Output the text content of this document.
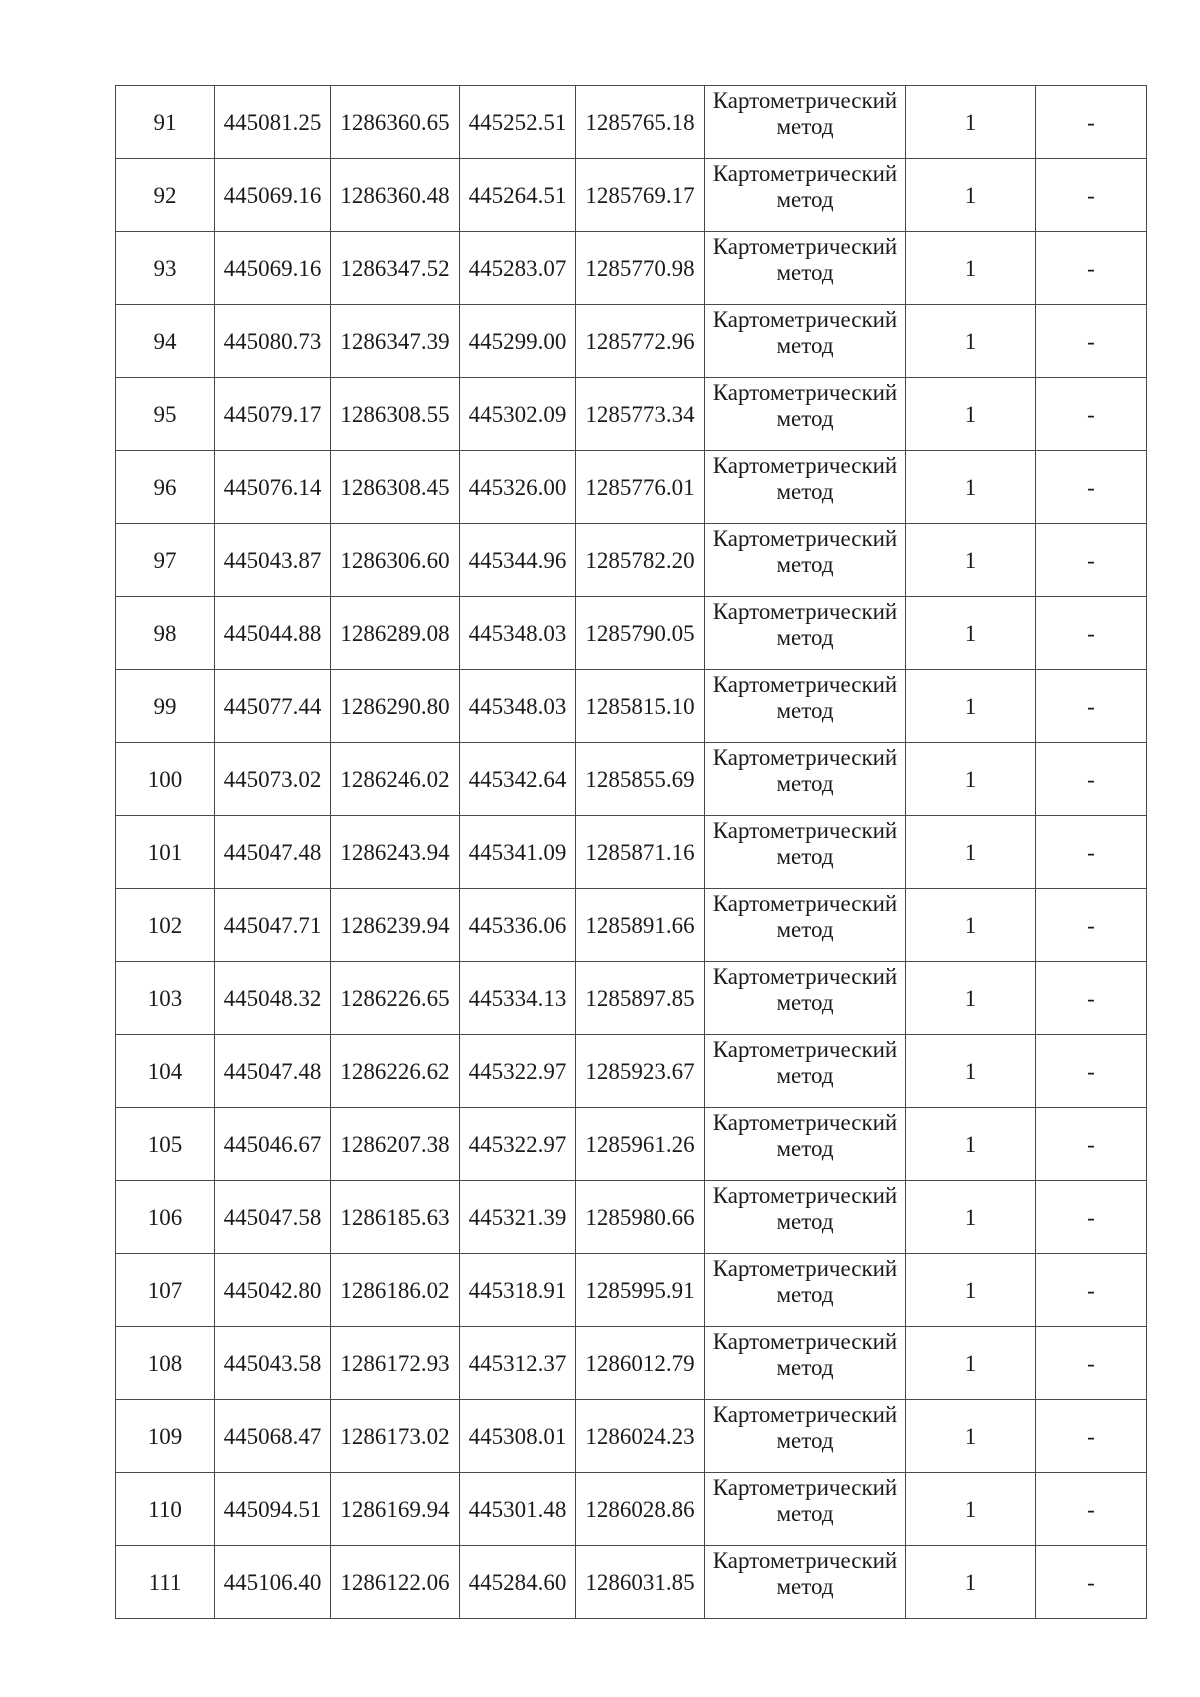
91	445081.25	1286360.65	445252.51	1285765.18	Картометрический
метод	1	-
92	445069.16	1286360.48	445264.51	1285769.17	Картометрический
метод	1	-
93	445069.16	1286347.52	445283.07	1285770.98	Картометрический
метод	1	-
94	445080.73	1286347.39	445299.00	1285772.96	Картометрический
метод	1	-
95	445079.17	1286308.55	445302.09	1285773.34	Картометрический
метод	1	-
96	445076.14	1286308.45	445326.00	1285776.01	Картометрический
метод	1	-
97	445043.87	1286306.60	445344.96	1285782.20	Картометрический
метод	1	-
98	445044.88	1286289.08	445348.03	1285790.05	Картометрический
метод	1	-
99	445077.44	1286290.80	445348.03	1285815.10	Картометрический
метод	1	-
100	445073.02	1286246.02	445342.64	1285855.69	Картометрический
метод	1	-
101	445047.48	1286243.94	445341.09	1285871.16	Картометрический
метод	1	-
102	445047.71	1286239.94	445336.06	1285891.66	Картометрический
метод	1	-
103	445048.32	1286226.65	445334.13	1285897.85	Картометрический
метод	1	-
104	445047.48	1286226.62	445322.97	1285923.67	Картометрический
метод	1	-
105	445046.67	1286207.38	445322.97	1285961.26	Картометрический
метод	1	-
106	445047.58	1286185.63	445321.39	1285980.66	Картометрический
метод	1	-
107	445042.80	1286186.02	445318.91	1285995.91	Картометрический
метод	1	-
108	445043.58	1286172.93	445312.37	1286012.79	Картометрический
метод	1	-
109	445068.47	1286173.02	445308.01	1286024.23	Картометрический
метод	1	-
110	445094.51	1286169.94	445301.48	1286028.86	Картометрический
метод	1	-
111	445106.40	1286122.06	445284.60	1286031.85	Картометрический
метод	1	-
